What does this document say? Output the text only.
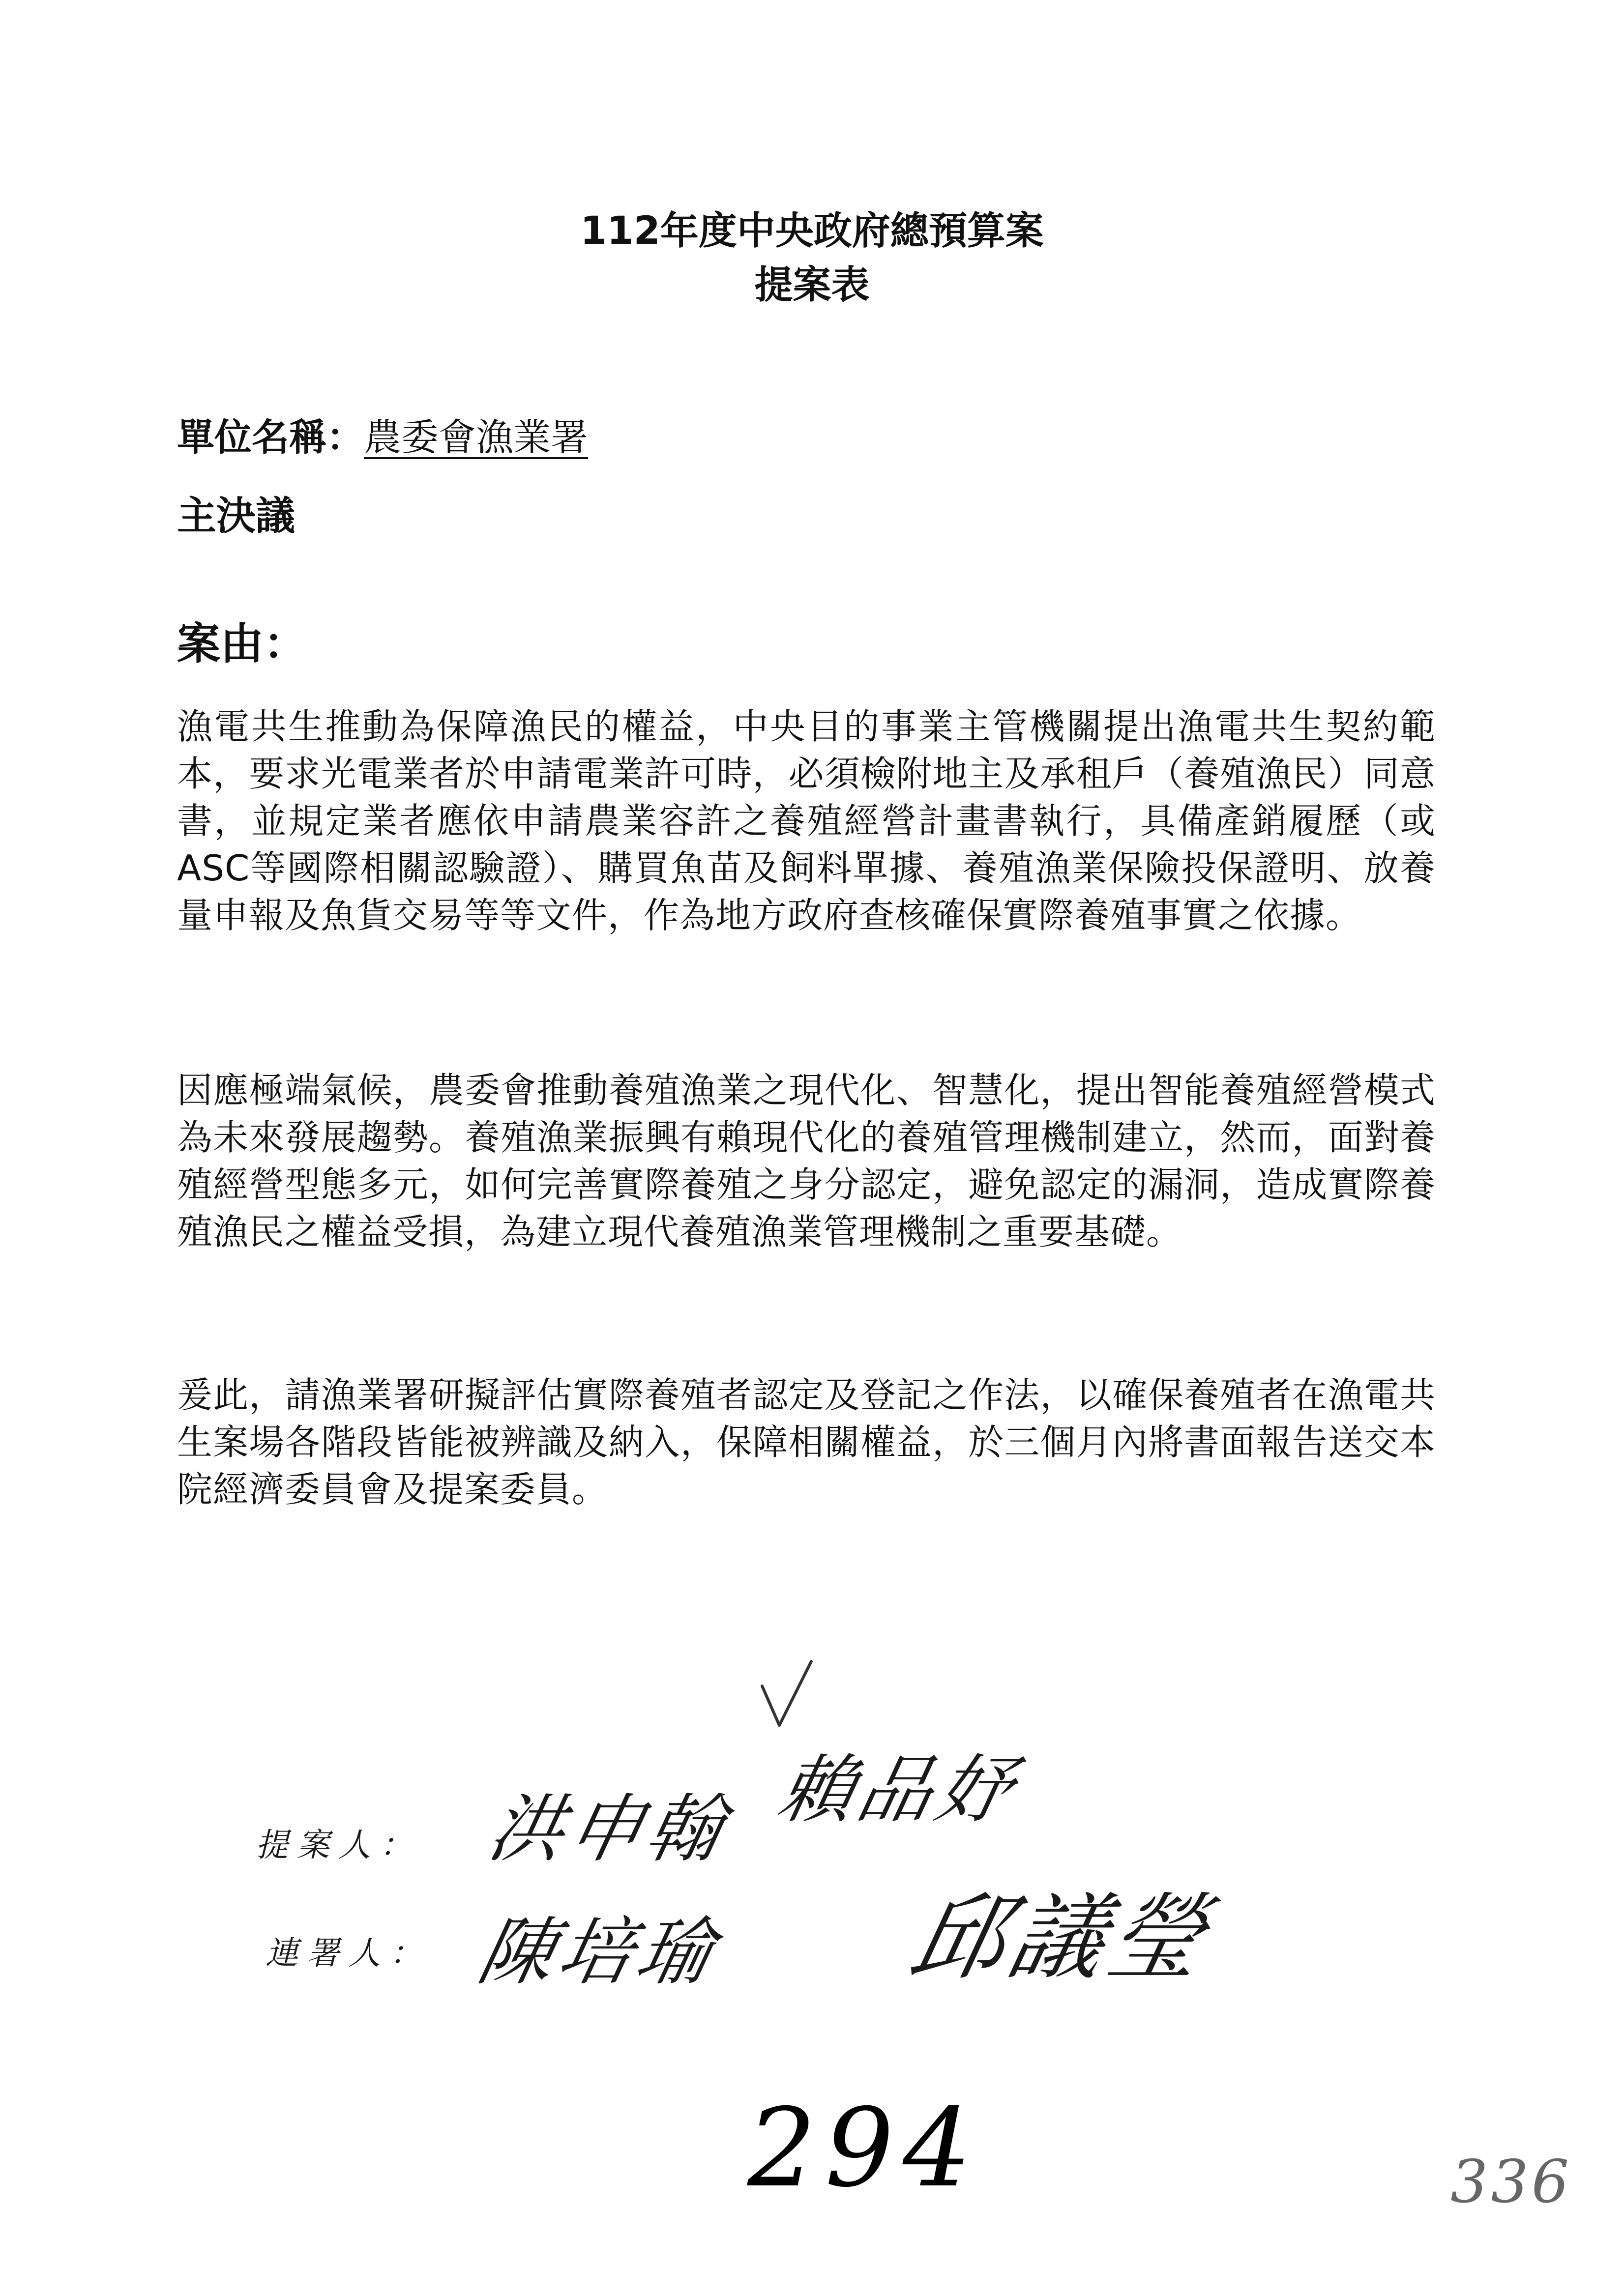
112年度中央政府總預算案
提案表
單位名稱：農委會漁業署
主決議
案由：
漁電共生推動為保障漁民的權益，中央目的事業主管機關提出漁電共生契約範本，要求光電業者於申請電業許可時，必須檢附地主及承租戶（養殖漁民）同意書，並規定業者應依申請農業容許之養殖經營計畫書執行，具備產銷履歷（或ASC等國際相關認驗證）、購買魚苗及飼料單據、養殖漁業保險投保證明、放養量申報及魚貨交易等等文件，作為地方政府查核確保實際養殖事實之依據。
因應極端氣候，農委會推動養殖漁業之現代化、智慧化，提出智能養殖經營模式為未來發展趨勢。養殖漁業振興有賴現代化的養殖管理機制建立，然而，面對養殖經營型態多元，如何完善實際養殖之身分認定，避免認定的漏洞，造成實際養殖漁民之權益受損，為建立現代養殖漁業管理機制之重要基礎。
爰此，請漁業署研擬評估實際養殖者認定及登記之作法，以確保養殖者在漁電共生案場各階段皆能被辨識及納入，保障相關權益，於三個月內將書面報告送交本院經濟委員會及提案委員。
提案人：
連署人：
洪申翰 賴品妤
陳培瑜 邱議瑩
294	336
